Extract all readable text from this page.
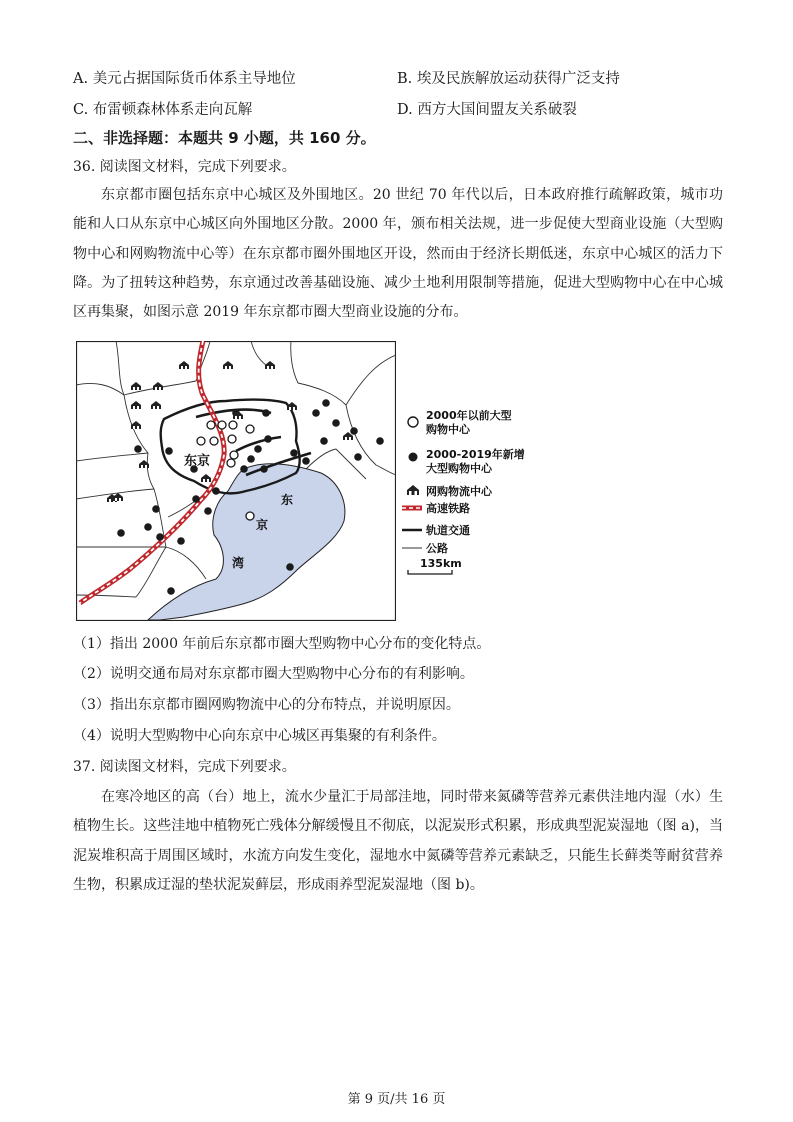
A. 美元占据国际货币体系主导地位	B. 埃及民族解放运动获得广泛支持
C. 布雷顿森林体系走向瓦解	D. 西方大国间盟友关系破裂
二、非选择题：本题共 9 小题，共 160 分。
36. 阅读图文材料，完成下列要求。

东京都市圈包括东京中心城区及外围地区。20 世纪 70 年代以后，日本政府推行疏解政策，城市功能和人口从东京中心城区向外围地区分散。2000 年，颁布相关法规，进一步促使大型商业设施（大型购物中心和网购物流中心等）在东京都市圈外围地区开设，然而由于经济长期低迷，东京中心城区的活力下降。为了扭转这种趋势，东京通过改善基础设施、减少土地利用限制等措施，促进大型购物中心在中心城区再集聚，如图示意 2019 年东京都市圈大型商业设施的分布。

东京
东
京
湾
2000年以前大型
购物中心
2000-2019年新增
大型购物中心
网购物流中心
高速铁路
轨道交通
公路
135km
（1）指出 2000 年前后东京都市圈大型购物中心分布的变化特点。
（2）说明交通布局对东京都市圈大型购物中心分布的有利影响。
（3）指出东京都市圈网购物流中心的分布特点，并说明原因。
（4）说明大型购物中心向东京中心城区再集聚的有利条件。
37. 阅读图文材料，完成下列要求。

在寒冷地区的高（台）地上，流水少量汇于局部洼地，同时带来氮磷等营养元素供洼地内湿（水）生植物生长。这些洼地中植物死亡残体分解缓慢且不彻底，以泥炭形式积累，形成典型泥炭湿地（图 a)，当泥炭堆积高于周围区域时，水流方向发生变化，湿地水中氮磷等营养元素缺乏，只能生长藓类等耐贫营养生物，积累成迂湿的垫状泥炭藓层，形成雨养型泥炭湿地（图 b)。

第 9 页/共 16 页
